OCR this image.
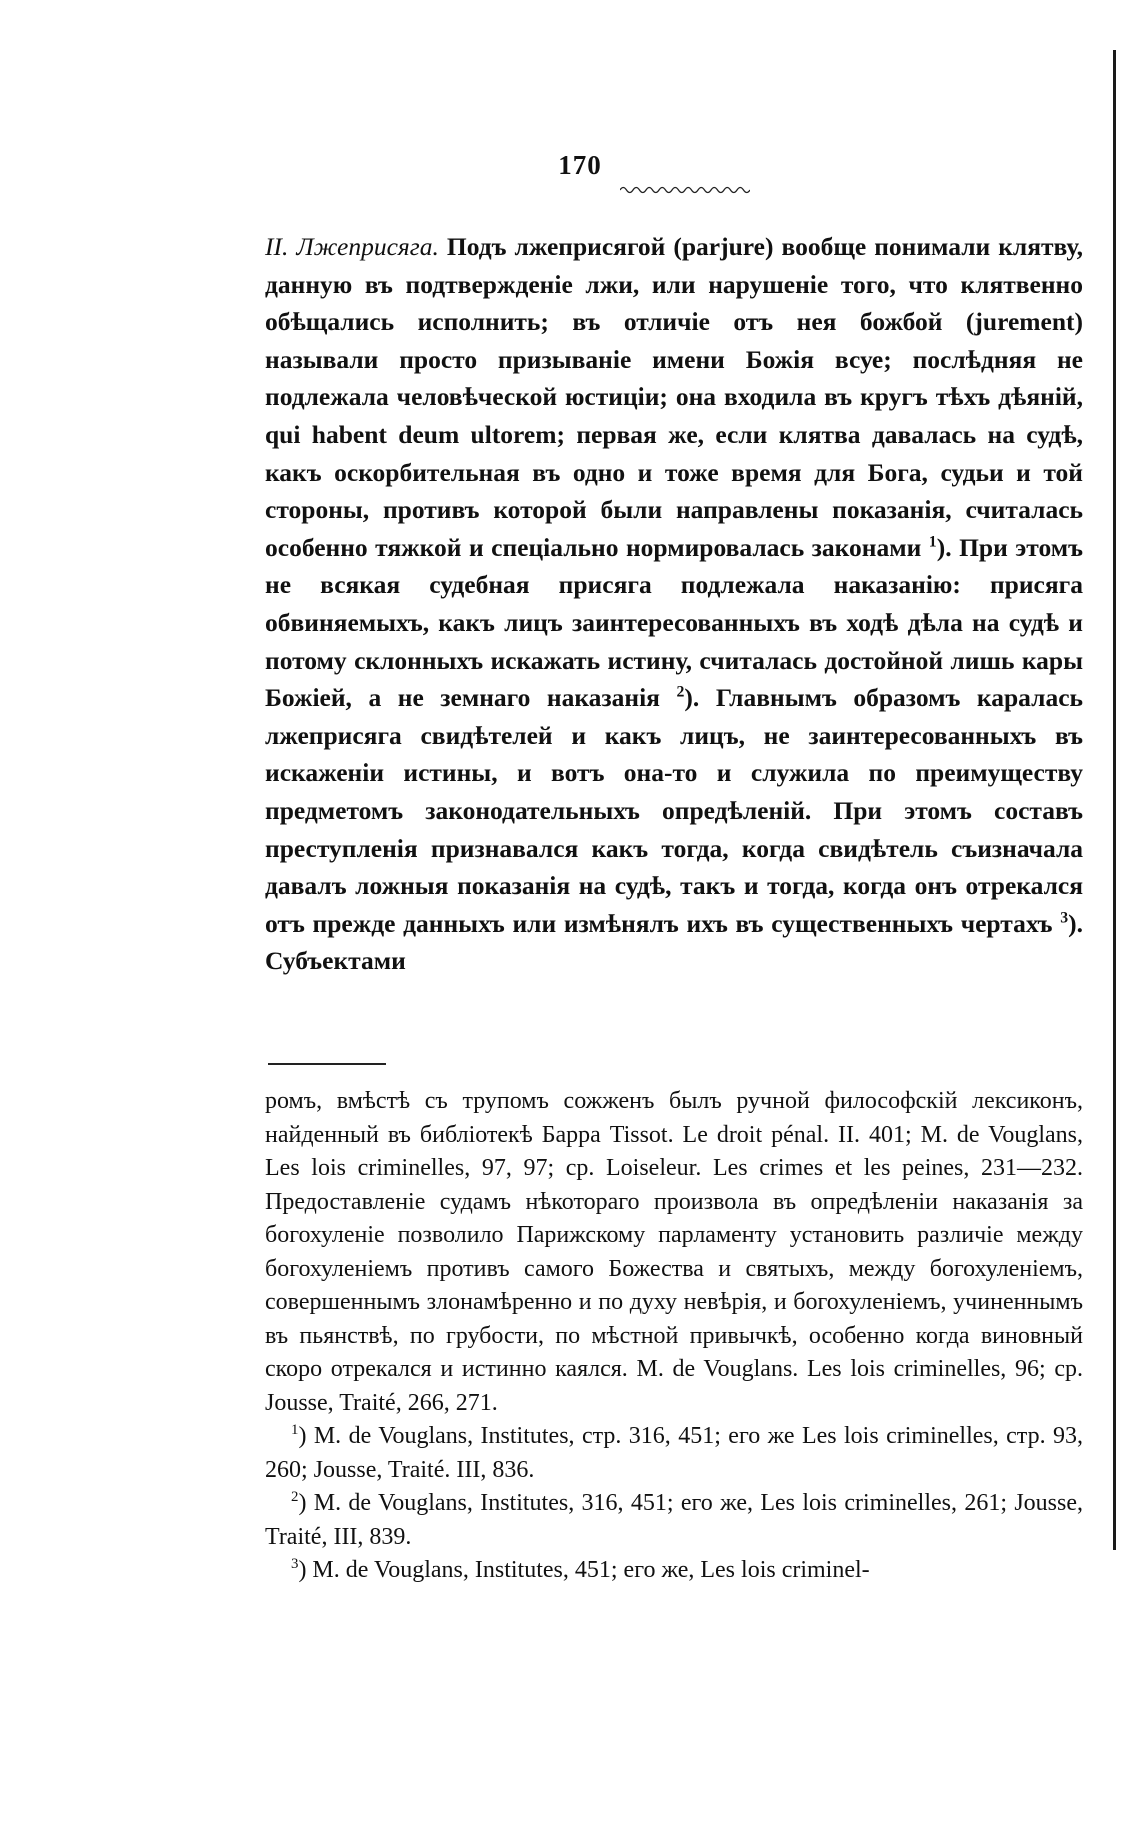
170

II. Лжеприсяга. Подъ лжеприсягой (parjure) вообще понимали клятву, данную въ подтвержденіе лжи, или нарушеніе того, что клятвенно обѣщались исполнить; въ отличіе отъ нея божбой (jurement) называли просто призываніе имени Божія всуе; послѣдняя не подлежала человѣческой юстиціи; она входила въ кругъ тѣхъ дѣяній, qui habent deum ultorem; первая же, если клятва давалась на судѣ, какъ оскорбительная въ одно и тоже время для Бога, судьи и той стороны, противъ которой были направлены показанія, считалась особенно тяжкой и спеціально нормировалась законами $^1$). При этомъ не всякая судебная присяга подлежала наказанію: присяга обвиняемыхъ, какъ лицъ заинтересованныхъ въ ходѣ дѣла на судѣ и потому склонныхъ искажать истину, считалась достойной лишь кары Божіей, а не земнаго наказанія $^2$). Главнымъ образомъ каралась лжеприсяга свидѣтелей и какъ лицъ, не заинтересованныхъ въ искаженіи истины, и вотъ она-то и служила по преимуществу предметомъ законодательныхъ опредѣленій. При этомъ составъ преступленія признавался какъ тогда, когда свидѣтель съизначала давалъ ложныя показанія на судѣ, такъ и тогда, когда онъ отрекался отъ прежде данныхъ или измѣнялъ ихъ въ существенныхъ чертахъ $^3$). Субъектами

ромъ, вмѣстѣ съ трупомъ сожженъ былъ ручной философскій лексиконъ, найденный въ библіотекѣ Барра Tissot. Le droit pénal. II. 401; M. de Vouglans, Les lois criminelles, 97, 97; ср. Loiseleur. Les crimes et les peines, 231—232. Предоставленіе судамъ нѣкотораго произвола въ опредѣленіи наказанія за богохуленіе позволило Парижскому парламенту установить различіе между богохуленіемъ противъ самого Божества и святыхъ, между богохуленіемъ, совершеннымъ злонамѣренно и по духу невѣрія, и богохуленіемъ, учиненнымъ въ пьянствѣ, по грубости, по мѣстной привычкѣ, особенно когда виновный скоро отрекался и истинно каялся. M. de Vouglans. Les lois criminelles, 96; ср. Jousse, Traité, 266, 271.

$^1$) M. de Vouglans, Institutes, стр. 316, 451; его же Les lois criminelles, стр. 93, 260; Jousse, Traité. III, 836.

$^2$) M. de Vouglans, Institutes, 316, 451; его же, Les lois criminelles, 261; Jousse, Traité, III, 839.

$^3$) M. de Vouglans, Institutes, 451; его же, Les lois criminel-
